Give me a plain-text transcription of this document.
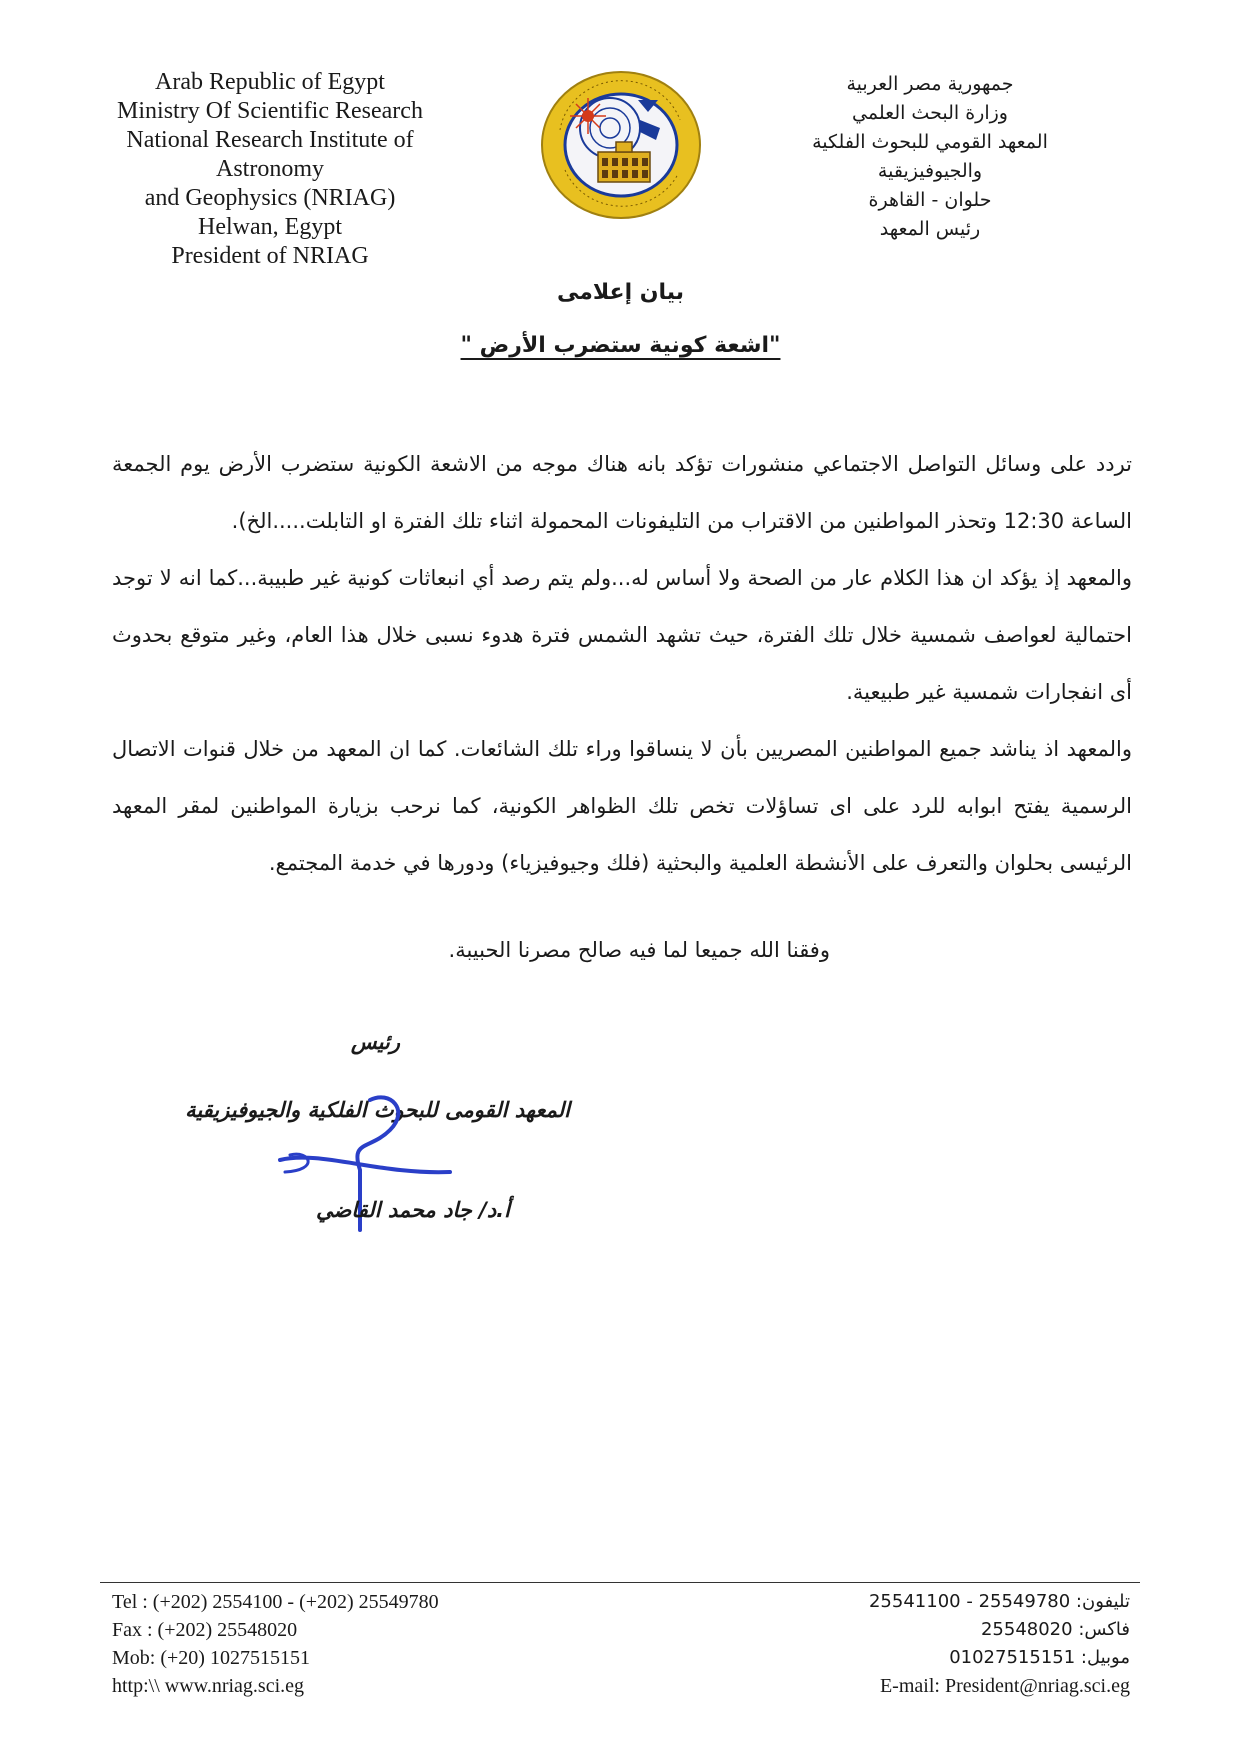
Arab Republic of Egypt
Ministry Of Scientific Research
National Research Institute of Astronomy
and Geophysics (NRIAG)
Helwan, Egypt
President of NRIAG
جمهورية مصر العربية
وزارة البحث العلمي
المعهد القومي للبحوث الفلكية والجيوفيزيقية
حلوان - القاهرة
رئيس المعهد
بيان إعلامى
"اشعة كونية ستضرب الأرض "

تردد على وسائل التواصل الاجتماعي منشورات تؤكد بانه هناك موجه من الاشعة الكونية ستضرب الأرض يوم الجمعة الساعة 12:30 وتحذر المواطنين من الاقتراب من التليفونات المحمولة اثناء تلك الفترة او التابلت.....الخ).

والمعهد إذ يؤكد ان هذا الكلام عار من الصحة ولا أساس له...ولم يتم رصد أي انبعاثات كونية غير طبيبة...كما انه لا توجد احتمالية لعواصف شمسية خلال تلك الفترة، حيث تشهد الشمس فترة هدوء نسبى خلال هذا العام، وغير متوقع بحدوث أى انفجارات شمسية غير طبيعية.

والمعهد اذ يناشد جميع المواطنين المصريين بأن لا ينساقوا وراء تلك الشائعات. كما ان المعهد من خلال قنوات الاتصال الرسمية يفتح ابوابه للرد على اى تساؤلات تخص تلك الظواهر الكونية، كما نرحب بزيارة المواطنين لمقر المعهد الرئيسى بحلوان والتعرف على الأنشطة العلمية والبحثية (فلك وجيوفيزياء) ودورها في خدمة المجتمع.

وفقنا الله جميعا لما فيه صالح مصرنا الحبيبة.
رئيس
المعهد القومى للبحوث الفلكية والجيوفيزيقية
أ.د/ جاد محمد القاضي
Tel : (+202) 2554100 - (+202) 25549780
Fax : (+202) 25548020
Mob: (+20) 1027515151
http:\\ www.nriag.sci.eg
تليفون: 25549780 - 25541100
فاكس: 25548020
موبيل: 01027515151
E-mail: President@nriag.sci.eg
